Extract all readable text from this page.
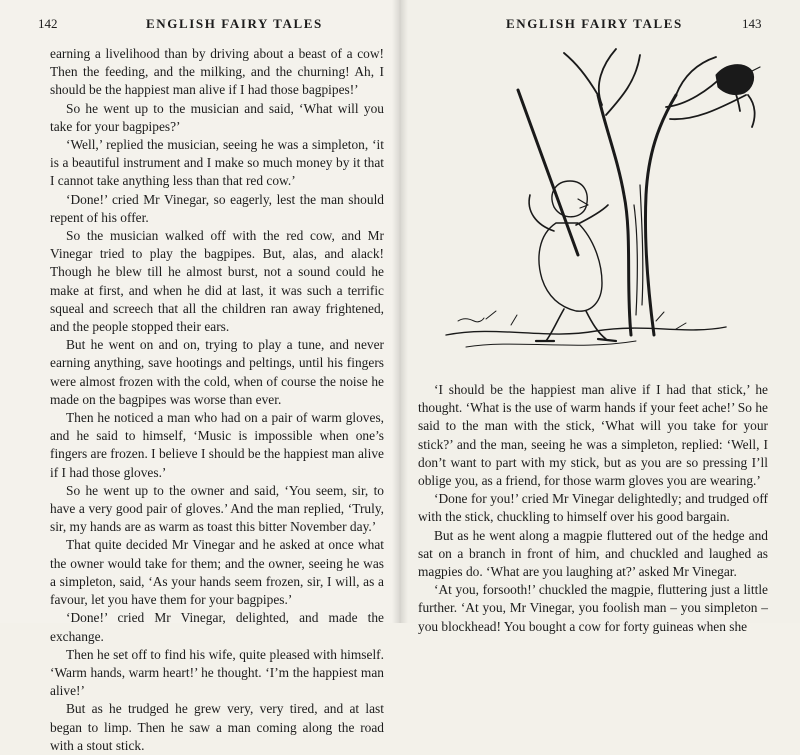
142	ENGLISH FAIRY TALES

earning a livelihood than by driving about a beast of a cow! Then the feeding, and the milking, and the churning! Ah, I should be the happiest man alive if I had those bagpipes!’

So he went up to the musician and said, ‘What will you take for your bagpipes?’

‘Well,’ replied the musician, seeing he was a simpleton, ‘it is a beautiful instrument and I make so much money by it that I cannot take anything less than that red cow.’

‘Done!’ cried Mr Vinegar, so eagerly, lest the man should repent of his offer.

So the musician walked off with the red cow, and Mr Vinegar tried to play the bagpipes. But, alas, and alack! Though he blew till he almost burst, not a sound could he make at first, and when he did at last, it was such a terrific squeal and screech that all the children ran away frightened, and the people stopped their ears.

But he went on and on, trying to play a tune, and never earning anything, save hootings and peltings, until his fingers were almost frozen with the cold, when of course the noise he made on the bagpipes was worse than ever.

Then he noticed a man who had on a pair of warm gloves, and he said to himself, ‘Music is impossible when one’s fingers are frozen. I believe I should be the happiest man alive if I had those gloves.’

So he went up to the owner and said, ‘You seem, sir, to have a very good pair of gloves.’ And the man replied, ‘Truly, sir, my hands are as warm as toast this bitter November day.’

That quite decided Mr Vinegar and he asked at once what the owner would take for them; and the owner, seeing he was a simpleton, said, ‘As your hands seem frozen, sir, I will, as a favour, let you have them for your bagpipes.’

‘Done!’ cried Mr Vinegar, delighted, and made the exchange.

Then he set off to find his wife, quite pleased with himself. ‘Warm hands, warm heart!’ he thought. ‘I’m the happiest man alive!’

But as he trudged he grew very, very tired, and at last began to limp. Then he saw a man coming along the road with a stout stick.

ENGLISH FAIRY TALES	143

‘I should be the happiest man alive if I had that stick,’ he thought. ‘What is the use of warm hands if your feet ache!’ So he said to the man with the stick, ‘What will you take for your stick?’ and the man, seeing he was a simpleton, replied: ‘Well, I don’t want to part with my stick, but as you are so pressing I’ll oblige you, as a friend, for those warm gloves you are wearing.’

‘Done for you!’ cried Mr Vinegar delightedly; and trudged off with the stick, chuckling to himself over his good bargain.

But as he went along a magpie fluttered out of the hedge and sat on a branch in front of him, and chuckled and laughed as magpies do. ‘What are you laughing at?’ asked Mr Vinegar.

‘At you, forsooth!’ chuckled the magpie, fluttering just a little further. ‘At you, Mr Vinegar, you foolish man – you simpleton – you blockhead! You bought a cow for forty guineas when she
